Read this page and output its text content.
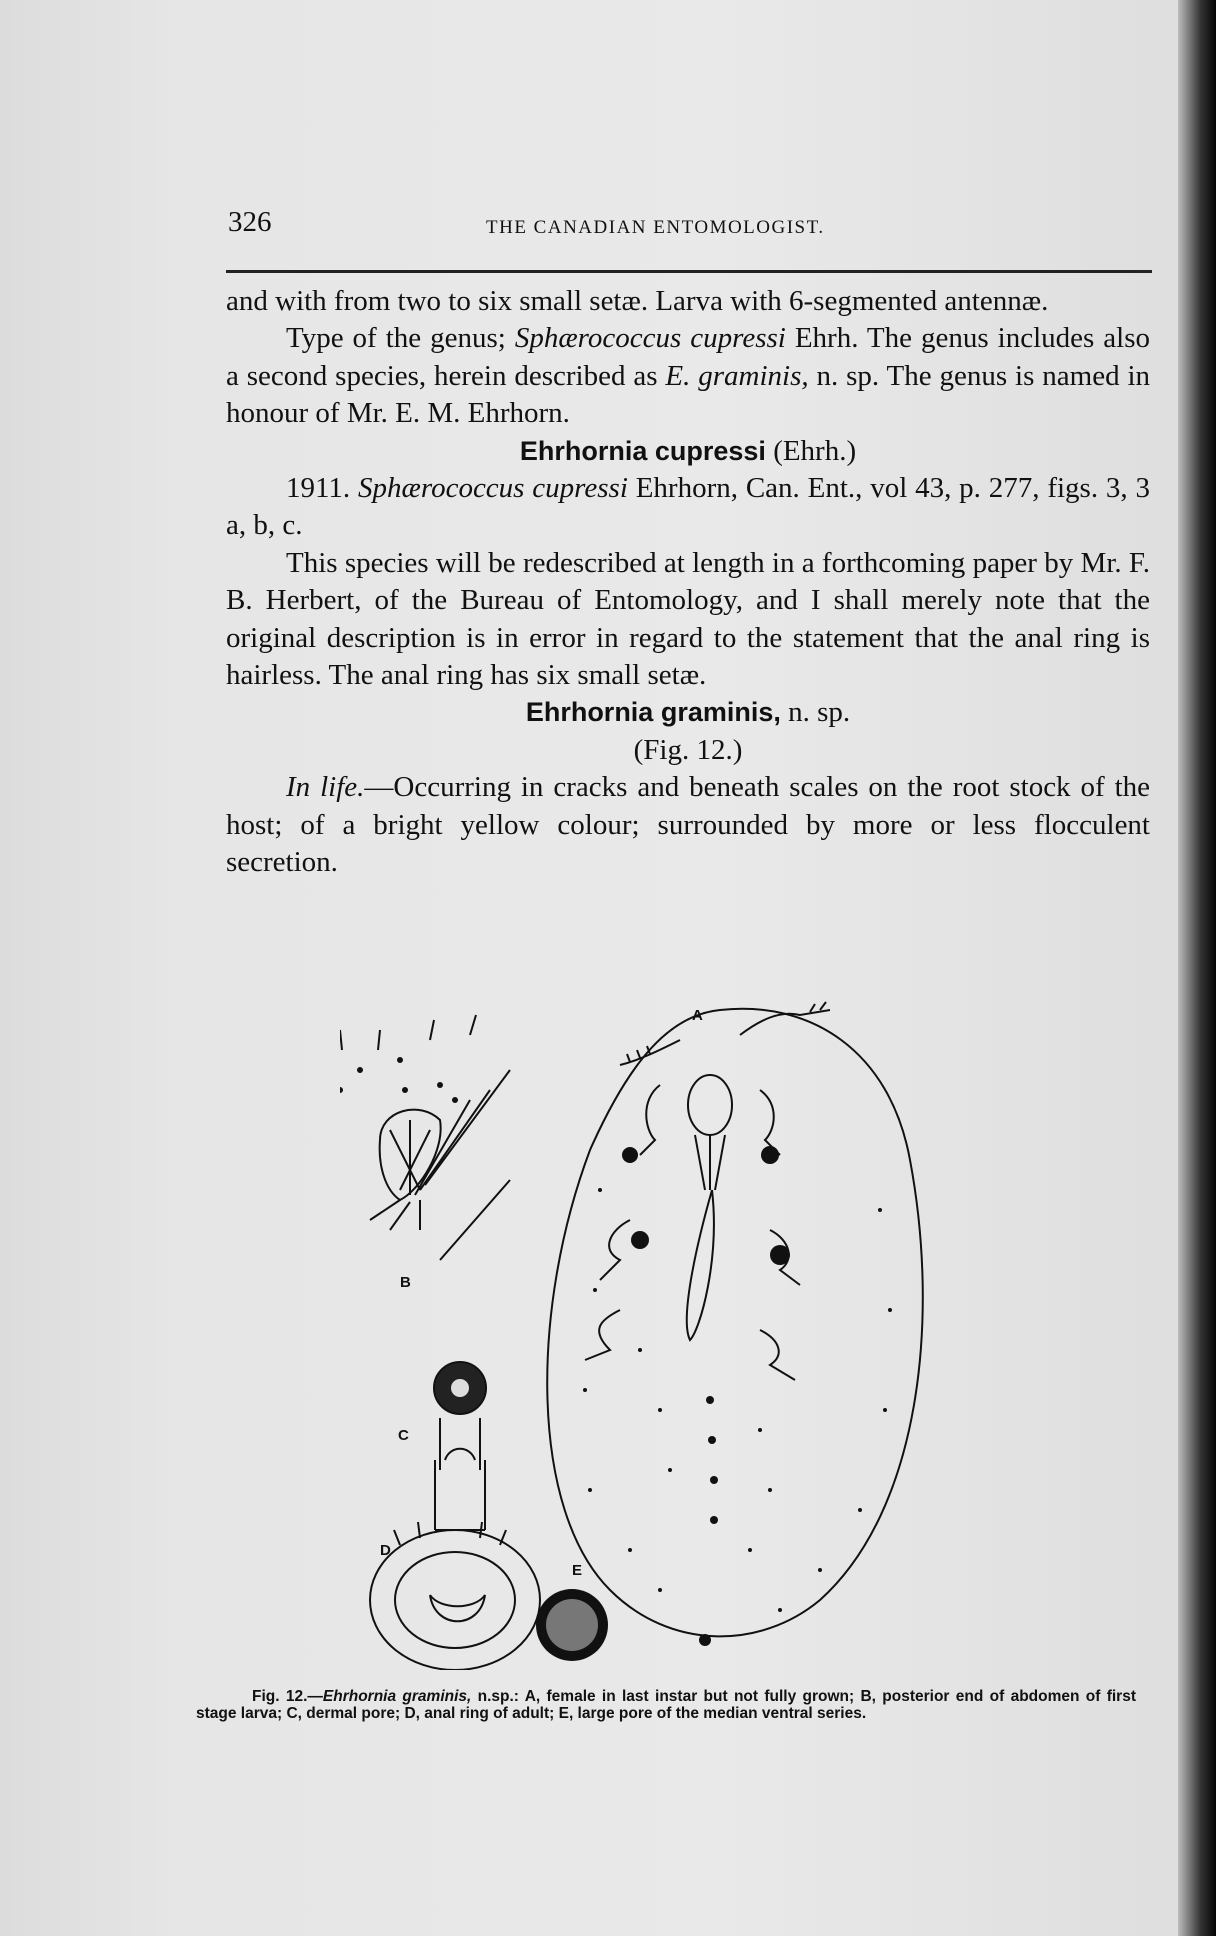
326	THE CANADIAN ENTOMOLOGIST.

and with from two to six small setæ. Larva with 6-segmented antennæ.

Type of the genus; Sphærococcus cupressi Ehrh. The genus includes also a second species, herein described as E. graminis, n. sp. The genus is named in honour of Mr. E. M. Ehrhorn.

Ehrhornia cupressi (Ehrh.)

1911. Sphærococcus cupressi Ehrhorn, Can. Ent., vol 43, p. 277, figs. 3, 3 a, b, c.

This species will be redescribed at length in a forthcoming paper by Mr. F. B. Herbert, of the Bureau of Entomology, and I shall merely note that the original description is in error in regard to the statement that the anal ring is hairless. The anal ring has six small setæ.

Ehrhornia graminis, n. sp.

(Fig. 12.)

In life.—Occurring in cracks and beneath scales on the root stock of the host; of a bright yellow colour; surrounded by more or less flocculent secretion.

A
B
C
D
E
Fig. 12.—Ehrhornia graminis, n.sp.: A, female in last instar but not fully grown; B, posterior end of abdomen of first stage larva; C, dermal pore; D, anal ring of adult; E, large pore of the median ventral series.
